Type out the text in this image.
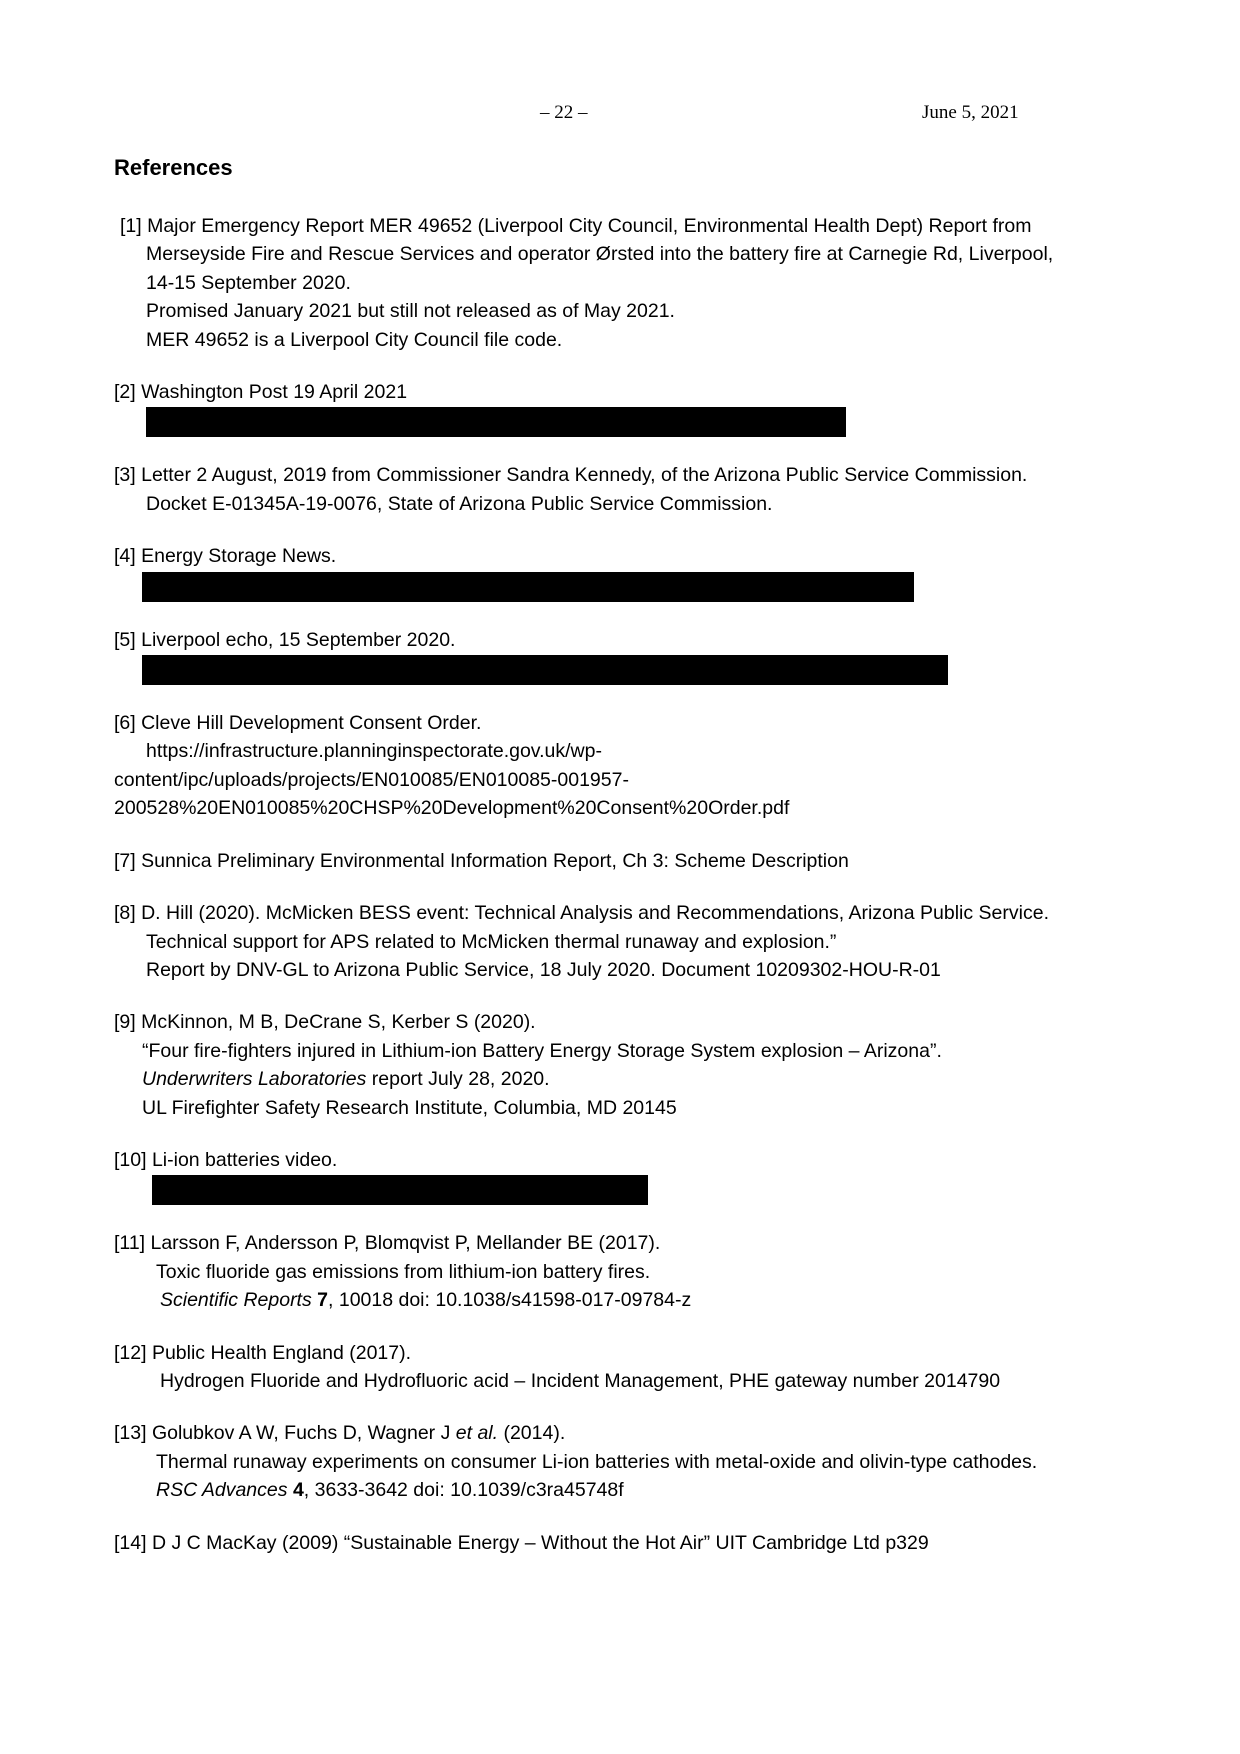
– 22 –	June 5, 2021
References
[1] Major Emergency Report MER 49652 (Liverpool City Council, Environmental Health Dept) Report from
Merseyside Fire and Rescue Services and operator Ørsted into the battery fire at Carnegie Rd, Liverpool,
14-15 September 2020.
Promised January 2021 but still not released as of May 2021.
MER 49652 is a Liverpool City Council file code.
[2] Washington Post 19 April 2021
[3] Letter 2 August, 2019 from Commissioner Sandra Kennedy, of the Arizona Public Service Commission.
Docket E-01345A-19-0076, State of Arizona Public Service Commission.
[4] Energy Storage News.
[5] Liverpool echo, 15 September 2020.
[6] Cleve Hill Development Consent Order.
https://infrastructure.planninginspectorate.gov.uk/wp-
content/ipc/uploads/projects/EN010085/EN010085-001957-
200528%20EN010085%20CHSP%20Development%20Consent%20Order.pdf
[7] Sunnica Preliminary Environmental Information Report, Ch 3: Scheme Description
[8] D. Hill (2020). McMicken BESS event: Technical Analysis and Recommendations, Arizona Public Service.
Technical support for APS related to McMicken thermal runaway and explosion.”
Report by DNV-GL to Arizona Public Service, 18 July 2020. Document 10209302-HOU-R-01
[9] McKinnon, M B, DeCrane S, Kerber S (2020).
“Four fire-fighters injured in Lithium-ion Battery Energy Storage System explosion – Arizona”.
Underwriters Laboratories report July 28, 2020.
UL Firefighter Safety Research Institute, Columbia, MD 20145
[10] Li-ion batteries video.
[11] Larsson F, Andersson P, Blomqvist P, Mellander BE (2017).
Toxic fluoride gas emissions from lithium-ion battery fires.
Scientific Reports 7, 10018 doi: 10.1038/s41598-017-09784-z
[12] Public Health England (2017).
Hydrogen Fluoride and Hydrofluoric acid – Incident Management, PHE gateway number 2014790
[13] Golubkov A W, Fuchs D, Wagner J et al. (2014).
Thermal runaway experiments on consumer Li-ion batteries with metal-oxide and olivin-type cathodes.
RSC Advances 4, 3633-3642 doi: 10.1039/c3ra45748f
[14] D J C MacKay (2009) “Sustainable Energy – Without the Hot Air” UIT Cambridge Ltd p329
